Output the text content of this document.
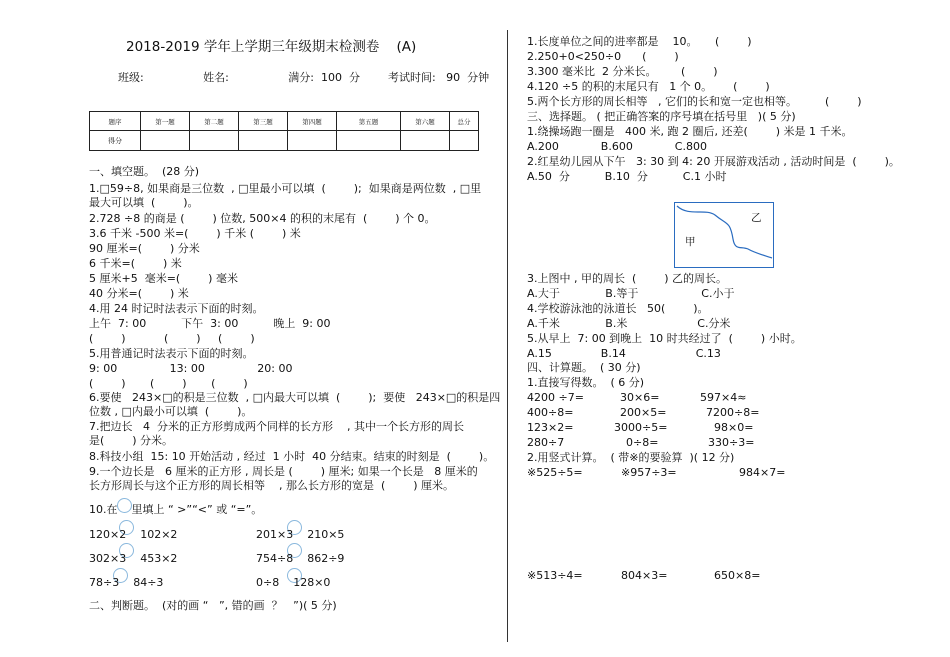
2018-2019 学年上学期三年级期末检测卷    (A)
班级:                 姓名:                 满分:  100  分        考试时间:   90  分钟
题序	第一题	第二题	第三题	第四题	第五题	第六题	总分
得分							
一、填空题。  (28 分)
1.□59÷8, 如果商是三位数  , □里最小可以填  (        );  如果商是两位数  , □里
最大可以填  (        )。
2.728 ÷8 的商是 (        ) 位数, 500×4 的积的末尾有  (        ) 个 0。
3.6 千米 -500 米=(        ) 千米 (        ) 米
90 厘米=(        ) 分米
6 千米=(        ) 米
5 厘米+5  毫米=(        ) 毫米
40 分米=(        ) 米
4.用 24 时记时法表示下面的时刻。
上午  7: 00          下午  3: 00          晚上  9: 00
(        )           (        )     (        )
5.用普通记时法表示下面的时刻。
9: 00               13: 00               20: 00
(        )       (        )       (        )
6.要使   243×□的积是三位数  , □内最大可以填  (        );  要使   243×□的积是四
位数 , □内最小可以填  (        )。
7.把边长   4  分米的正方形剪成两个同样的长方形    , 其中一个长方形的周长
是(        ) 分米。
8.科技小组  15: 10 开始活动 , 经过  1 小时  40 分结束。结束的时刻是  (        )。
9.一个边长是   6 厘米的正方形 , 周长是 (        ) 厘米; 如果一个长是   8 厘米的
长方形周长与这个正方形的周长相等    , 那么长方形的宽是  (        ) 厘米。
10.在    里填上 “ >”“<” 或 “=”。
120×2    102×2	201×3    210×5
302×3    453×2	754÷8    862÷9
78÷3    84÷3	0÷8    128×0
二、判断题。  (对的画 “   ”, 错的画  ？   ”)( 5 分)
1.长度单位之间的进率都是    10。     (        )
2.250+0<250÷0      (        )
3.300 毫米比  2 分米长。       (        )
4.120 ÷5 的积的末尾只有   1 个 0。      (        )
5.两个长方形的周长相等   , 它们的长和宽一定也相等。        (        )
三、选择题。 ( 把正确答案的序号填在括号里   )( 5 分)
1.绕操场跑一圈是   400 米, 跑 2 圈后, 还差(        ) 米是 1 千米。
A.200            B.600            C.800
2.红星幼儿园从下午   3: 30 到 4: 20 开展游戏活动 , 活动时间是  (        )。
A.50  分          B.10  分          C.1 小时
甲
乙
3.上图中 , 甲的周长  (        ) 乙的周长。
A.大于             B.等于                  C.小于
4.学校游泳池的泳道长   50(        )。
A.千米             B.米                    C.分米
5.从早上  7: 00 到晚上  10 时共经过了  (        ) 小时。
A.15              B.14                    C.13
四、计算题。  ( 30 分)
1.直接写得数。  ( 6 分)
4200 ÷7=	30×6=	597×4≈
400÷8=	200×5=	7200÷8=
123×2=	3000÷5=	98×0=
280÷7	0÷8=	330÷3=
2.用竖式计算。  ( 带※的要验算  )( 12 分)
※525÷5=	※957÷3=	984×7=
※513÷4=	804×3=	650×8=
